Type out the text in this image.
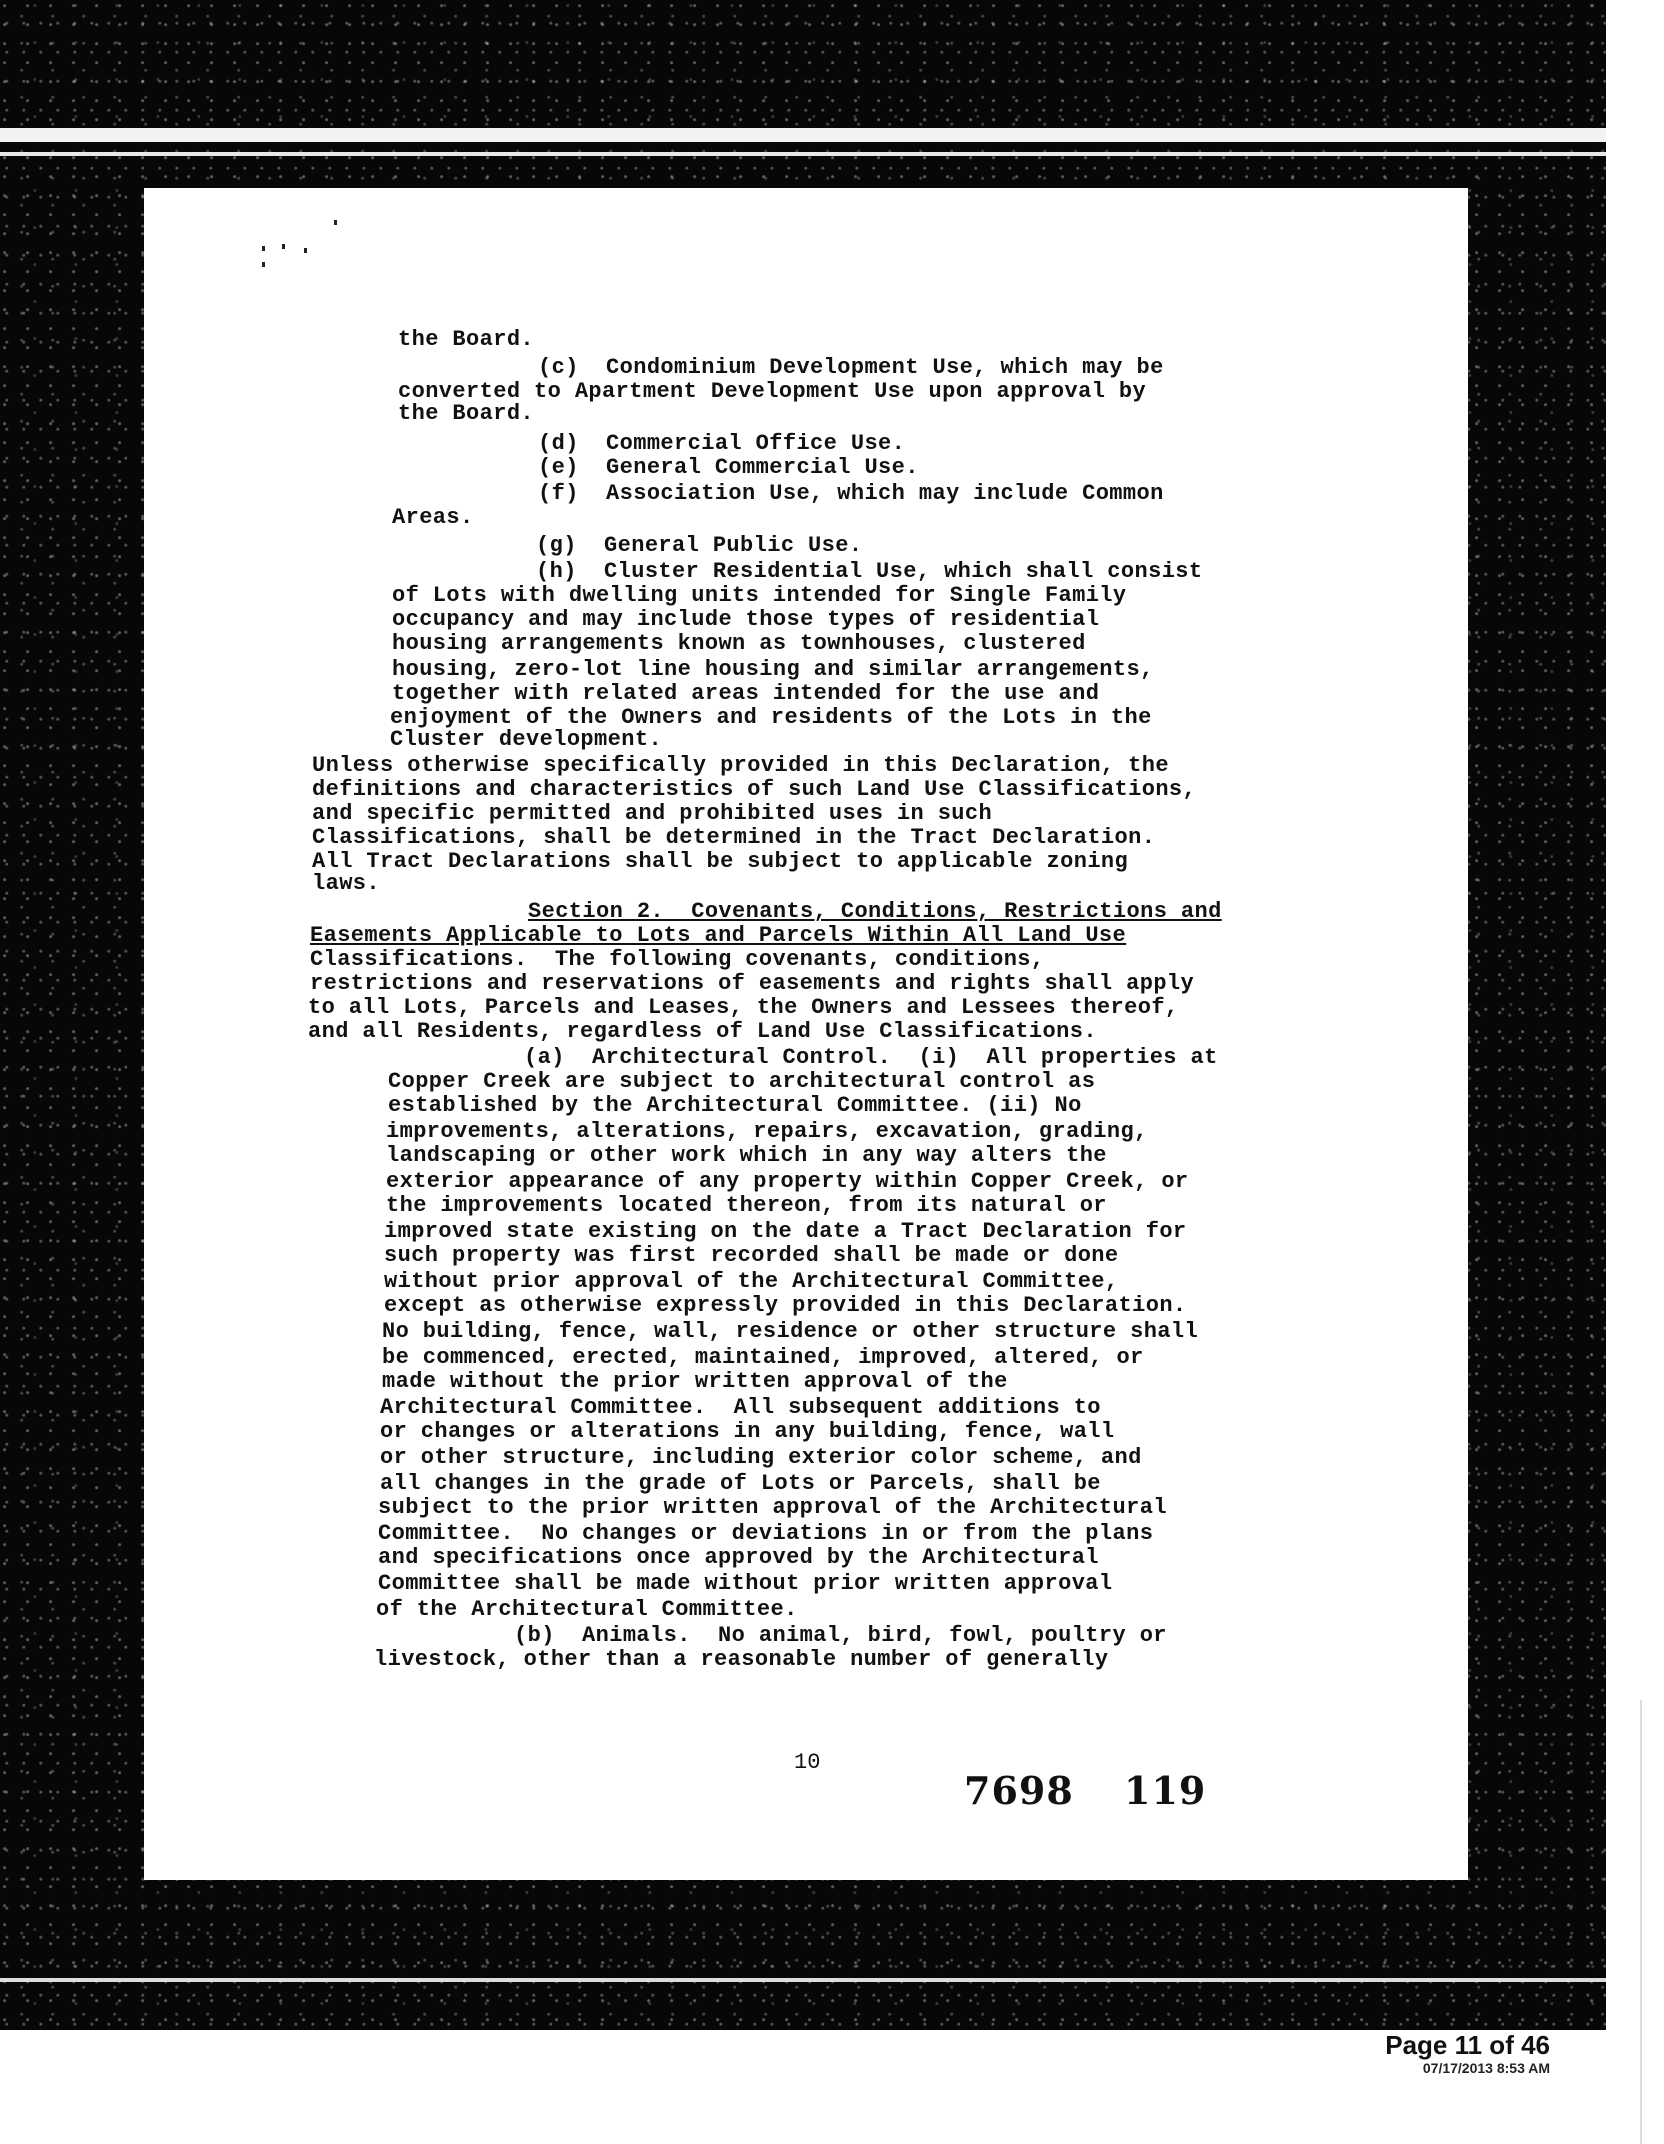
the Board.
(c)  Condominium Development Use, which may be
converted to Apartment Development Use upon approval by
the Board.
(d)  Commercial Office Use.
(e)  General Commercial Use.
(f)  Association Use, which may include Common
Areas.
(g)  General Public Use.
(h)  Cluster Residential Use, which shall consist
of Lots with dwelling units intended for Single Family
occupancy and may include those types of residential
housing arrangements known as townhouses, clustered
housing, zero-lot line housing and similar arrangements,
together with related areas intended for the use and
enjoyment of the Owners and residents of the Lots in the
Cluster development.
Unless otherwise specifically provided in this Declaration, the
definitions and characteristics of such Land Use Classifications,
and specific permitted and prohibited uses in such
Classifications, shall be determined in the Tract Declaration.
All Tract Declarations shall be subject to applicable zoning
laws.
Section 2.  Covenants, Conditions, Restrictions and
Easements Applicable to Lots and Parcels Within All Land Use
Classifications.  The following covenants, conditions,
restrictions and reservations of easements and rights shall apply
to all Lots, Parcels and Leases, the Owners and Lessees thereof,
and all Residents, regardless of Land Use Classifications.
(a)  Architectural Control.  (i)  All properties at
Copper Creek are subject to architectural control as
established by the Architectural Committee. (ii) No
improvements, alterations, repairs, excavation, grading,
landscaping or other work which in any way alters the
exterior appearance of any property within Copper Creek, or
the improvements located thereon, from its natural or
improved state existing on the date a Tract Declaration for
such property was first recorded shall be made or done
without prior approval of the Architectural Committee,
except as otherwise expressly provided in this Declaration.
No building, fence, wall, residence or other structure shall
be commenced, erected, maintained, improved, altered, or
made without the prior written approval of the
Architectural Committee.  All subsequent additions to
or changes or alterations in any building, fence, wall
or other structure, including exterior color scheme, and
all changes in the grade of Lots or Parcels, shall be
subject to the prior written approval of the Architectural
Committee.  No changes or deviations in or from the plans
and specifications once approved by the Architectural
Committee shall be made without prior written approval
of the Architectural Committee.
(b)  Animals.  No animal, bird, fowl, poultry or
livestock, other than a reasonable number of generally
10
7698 119
Page 11 of 46
07/17/2013 8:53 AM
